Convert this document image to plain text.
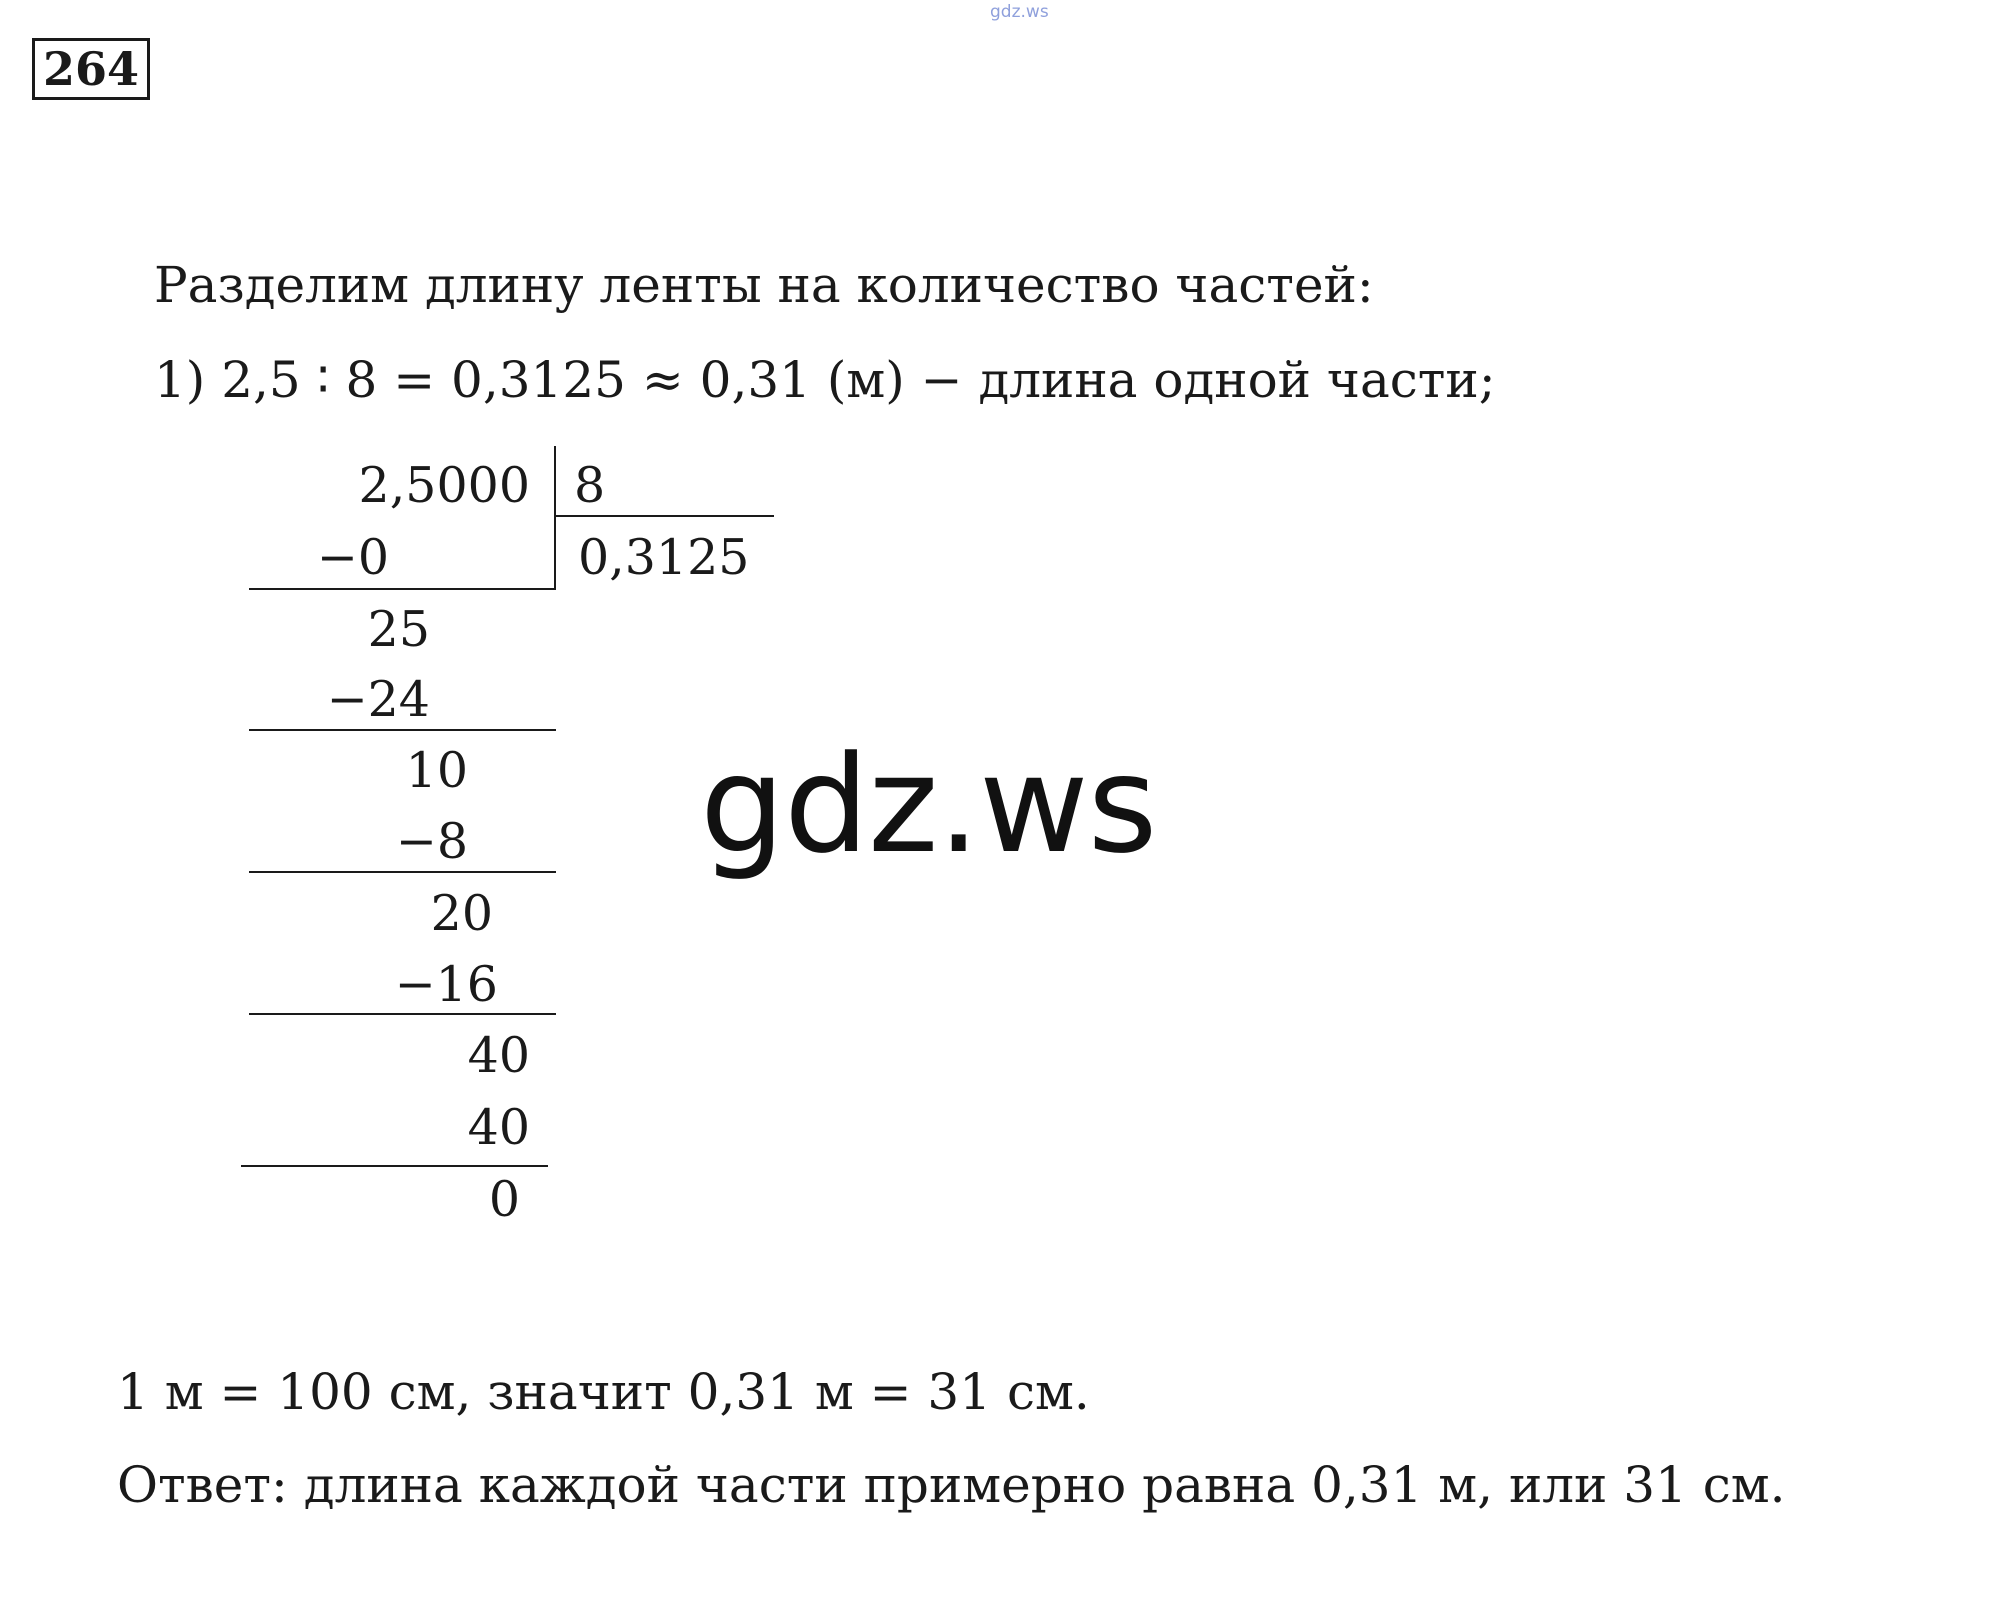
gdz.ws
264
Разделим длину ленты на количество частей:
1) 2,5 ∶ 8 = 0,3125 ≈ 0,31 (м) − длина одной части;
2,5000 8
0,3125
−0
25
−24
10
−8
20
−16
40
40
0
gdz.ws
1 м = 100 см, значит 0,31 м = 31 см.
Ответ: длина каждой части примерно равна 0,31 м, или 31 см.
